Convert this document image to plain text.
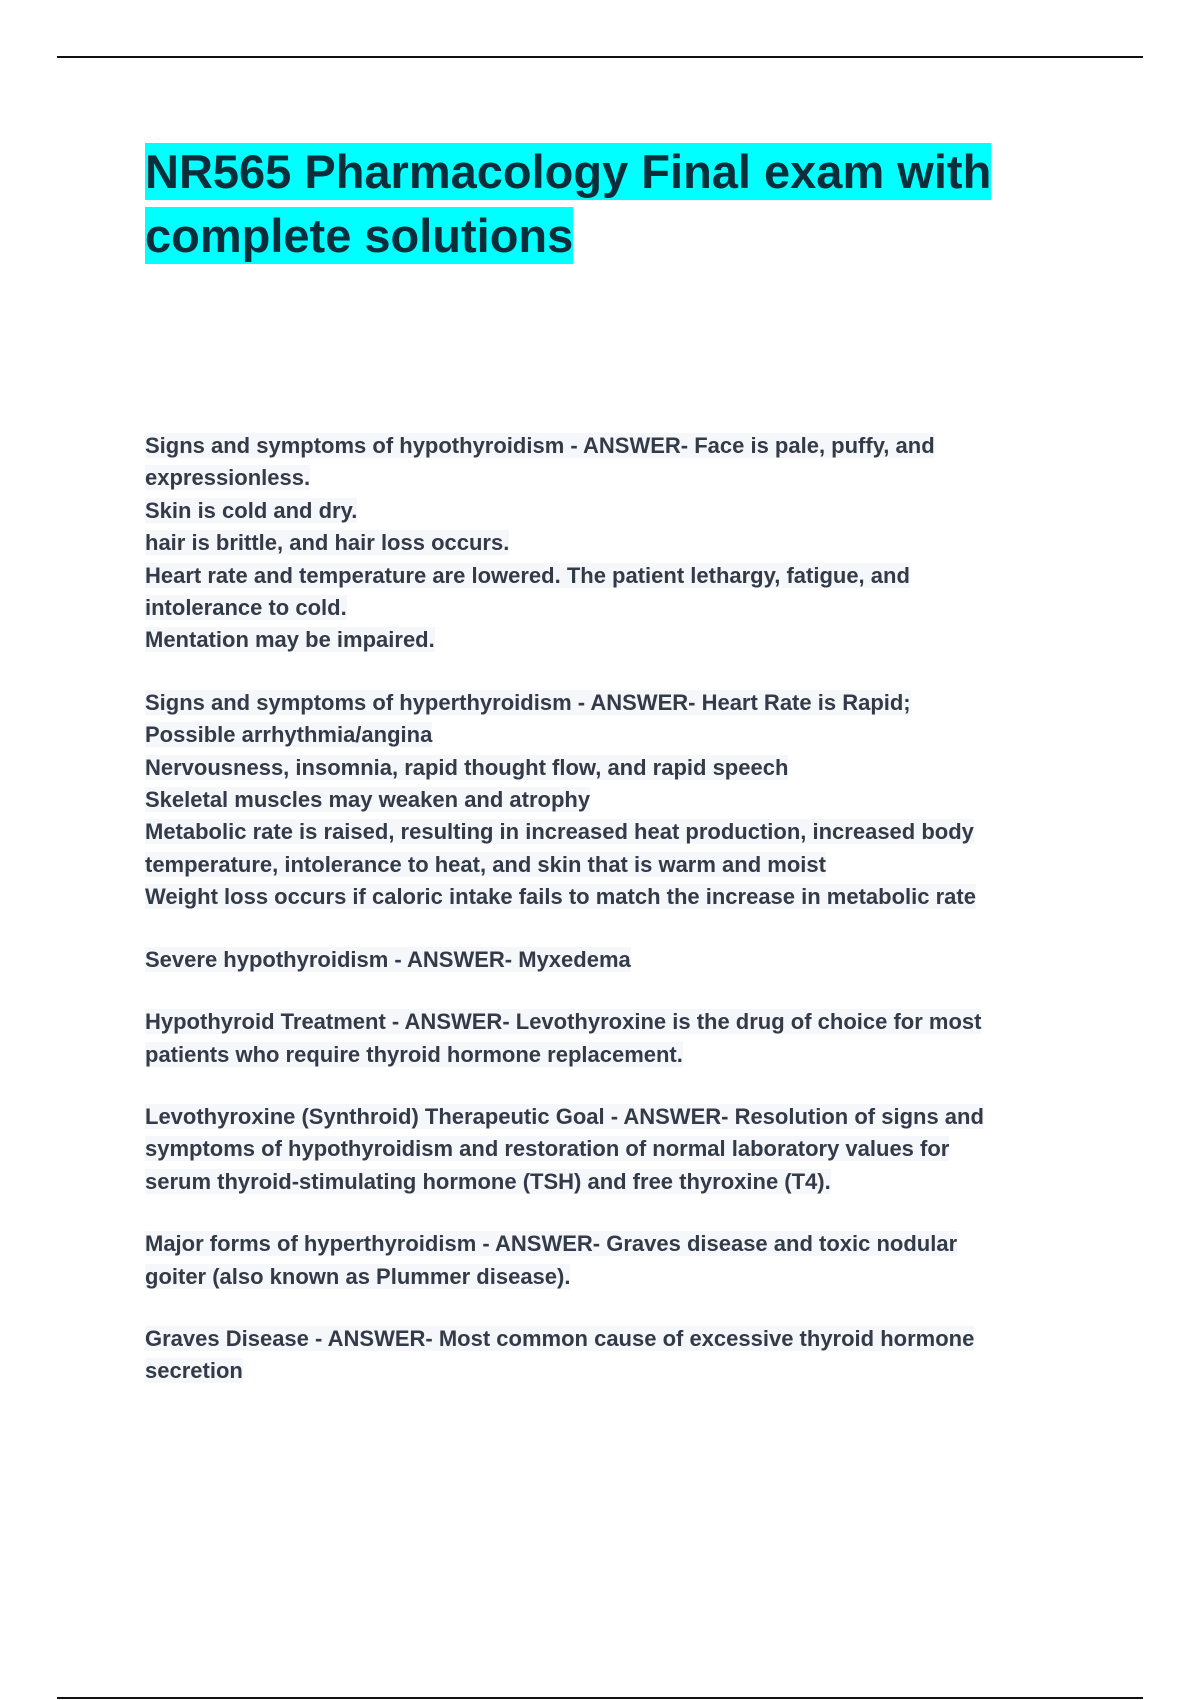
NR565 Pharmacology Final exam with
complete solutions
Signs and symptoms of hypothyroidism - ANSWER- Face is pale, puffy, and
expressionless.
Skin is cold and dry.
hair is brittle, and hair loss occurs.
Heart rate and temperature are lowered. The patient lethargy, fatigue, and
intolerance to cold.
Mentation may be impaired.
Signs and symptoms of hyperthyroidism - ANSWER- Heart Rate is Rapid;
Possible arrhythmia/angina
Nervousness, insomnia, rapid thought flow, and rapid speech
Skeletal muscles may weaken and atrophy
Metabolic rate is raised, resulting in increased heat production, increased body
temperature, intolerance to heat, and skin that is warm and moist
Weight loss occurs if caloric intake fails to match the increase in metabolic rate
Severe hypothyroidism - ANSWER- Myxedema
Hypothyroid Treatment - ANSWER- Levothyroxine is the drug of choice for most
patients who require thyroid hormone replacement.
Levothyroxine (Synthroid) Therapeutic Goal - ANSWER- Resolution of signs and
symptoms of hypothyroidism and restoration of normal laboratory values for
serum thyroid-stimulating hormone (TSH) and free thyroxine (T4).
Major forms of hyperthyroidism - ANSWER- Graves disease and toxic nodular
goiter (also known as Plummer disease).
Graves Disease - ANSWER- Most common cause of excessive thyroid hormone
secretion
